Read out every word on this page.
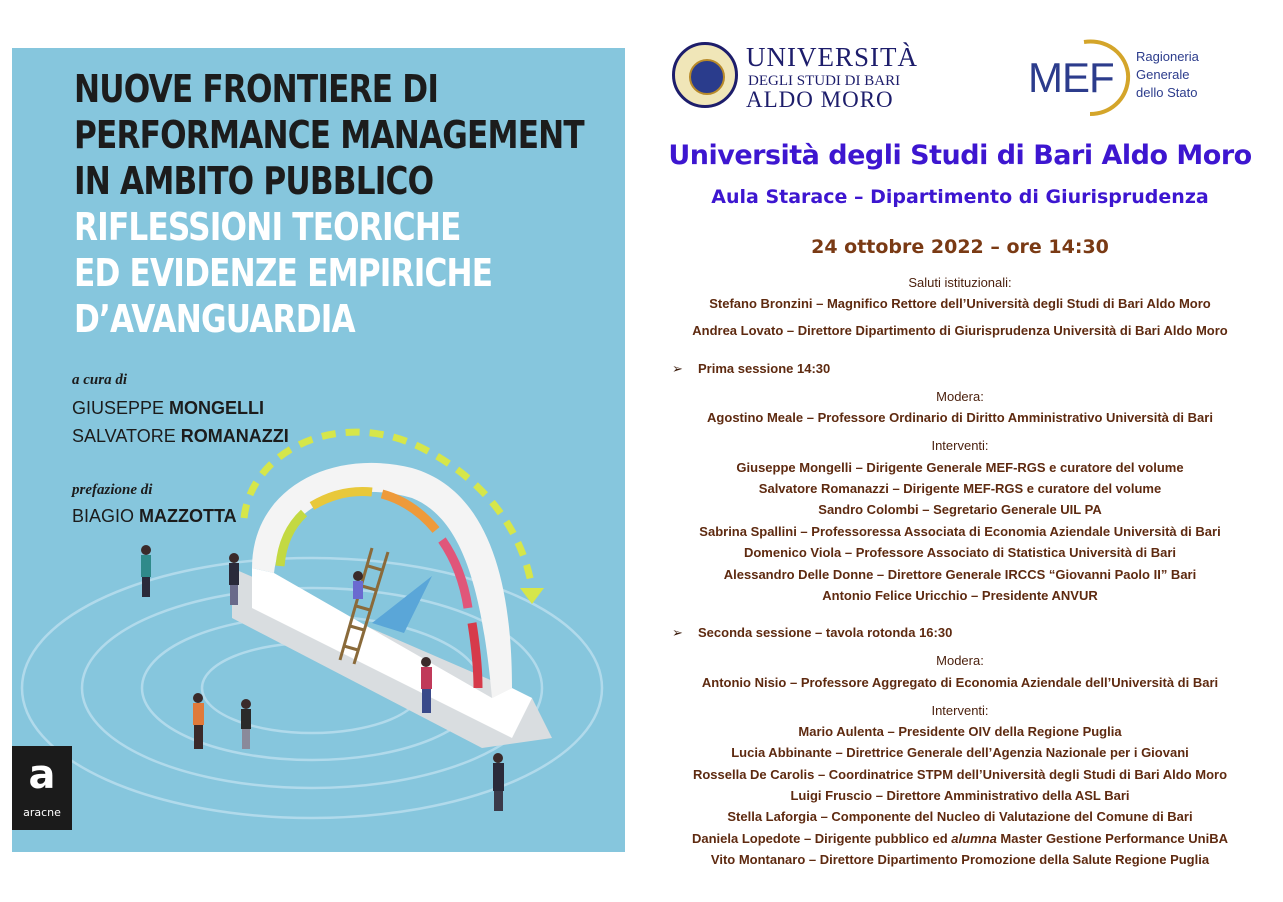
NUOVE FRONTIERE DI
PERFORMANCE MANAGEMENT
IN AMBITO PUBBLICO
RIFLESSIONI TEORICHE
ED EVIDENZE EMPIRICHE
D’AVANGUARDIA
a cura di
GIUSEPPE MONGELLI
SALVATORE ROMANAZZI
prefazione di
BIAGIO MAZZOTTA
a
aracne
UNIVERSITÀ
DEGLI STUDI DI BARI
ALDO MORO	MEF Ragioneria
Generale
dello Stato
Università degli Studi di Bari Aldo Moro
Aula Starace – Dipartimento di Giurisprudenza
24 ottobre 2022 – ore 14:30
Saluti istituzionali:
Stefano Bronzini – Magnifico Rettore dell’Università degli Studi di Bari Aldo Moro
Andrea Lovato – Direttore Dipartimento di Giurisprudenza Università di Bari Aldo Moro
➢ Prima sessione 14:30
Modera:
Agostino Meale – Professore Ordinario di Diritto Amministrativo Università di Bari
Interventi:
Giuseppe Mongelli – Dirigente Generale MEF-RGS e curatore del volume
Salvatore Romanazzi – Dirigente MEF-RGS e curatore del volume
Sandro Colombi – Segretario Generale UIL PA
Sabrina Spallini – Professoressa Associata di Economia Aziendale Università di Bari
Domenico Viola – Professore Associato di Statistica Università di Bari
Alessandro Delle Donne – Direttore Generale IRCCS “Giovanni Paolo II” Bari
Antonio Felice Uricchio – Presidente ANVUR
➢ Seconda sessione – tavola rotonda 16:30
Modera:
Antonio Nisio – Professore Aggregato di Economia Aziendale dell’Università di Bari
Interventi:
Mario Aulenta – Presidente OIV della Regione Puglia
Lucia Abbinante – Direttrice Generale dell’Agenzia Nazionale per i Giovani
Rossella De Carolis – Coordinatrice STPM dell’Università degli Studi di Bari Aldo Moro
Luigi Fruscio – Direttore Amministrativo della ASL Bari
Stella Laforgia – Componente del Nucleo di Valutazione del Comune di Bari
Daniela Lopedote – Dirigente pubblico ed alumna Master Gestione Performance UniBA
Vito Montanaro – Direttore Dipartimento Promozione della Salute Regione Puglia
